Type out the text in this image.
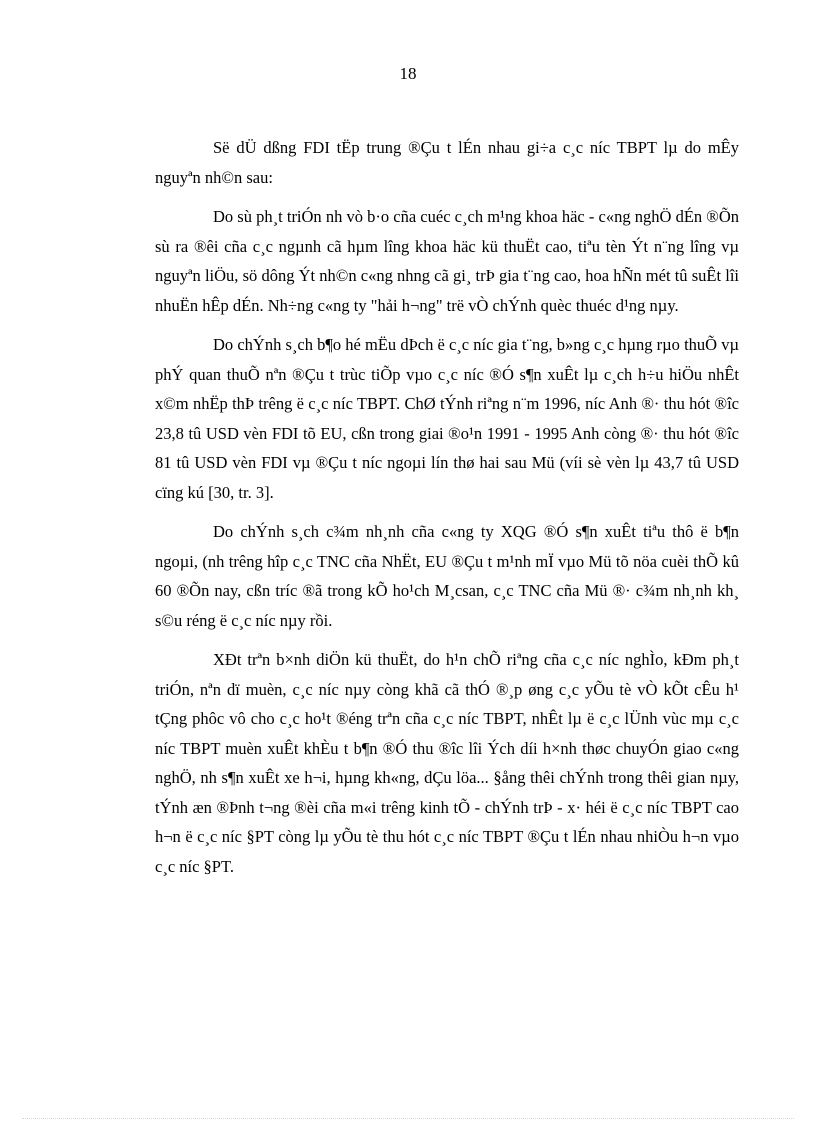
18

Së dÜ dßng FDI tËp trung ®Çu t lÉn nhau gi÷a c¸c níc TBPT lµ do mÊy nguyªn nh©n sau:

Do sù ph¸t triÓn nh vò b·o cña cuéc c¸ch m¹ng khoa häc - c«ng nghÖ dÉn ®Õn sù ra ®êi cña c¸c ngµnh cã hµm lîng khoa häc kü thuËt cao, tiªu tèn Ýt n¨ng lîng vµ nguyªn liÖu, sö dông Ýt nh©n c«ng nhng cã gi¸ trÞ gia t¨ng cao, hoa hÑn mét tû suÊt lîi nhuËn hÊp dÉn. Nh÷ng c«ng ty "hải h¬ng" trë vÒ chÝnh quèc thuéc d¹ng nµy.

Do chÝnh s¸ch b¶o hé mËu dÞch ë c¸c níc gia t¨ng, b»ng c¸c hµng rµo thuÕ vµ phÝ quan thuÕ nªn ®Çu t trùc tiÕp vµo c¸c níc ®Ó s¶n xuÊt lµ c¸ch h÷u hiÖu nhÊt x©m nhËp thÞ trêng ë c¸c níc TBPT. ChØ tÝnh riªng n¨m 1996, níc Anh ®· thu hót ®îc 23,8 tû USD vèn FDI tõ EU, cßn trong giai ®o¹n 1991 - 1995 Anh còng ®· thu hót ®îc 81 tû USD vèn FDI vµ ®Çu t níc ngoµi lín thø hai sau Mü (víi sè vèn lµ 43,7 tû USD cïng kú [30, tr. 3].

Do chÝnh s¸ch c¾m nh¸nh cña c«ng ty XQG ®Ó s¶n xuÊt tiªu thô ë b¶n ngoµi, (nh trêng hîp c¸c TNC cña NhËt, EU ®Çu t m¹nh mÏ vµo Mü tõ nöa cuèi thÕ kû 60 ®Õn nay, cßn tríc ®ã trong kÕ ho¹ch M¸csan, c¸c TNC cña Mü ®· c¾m nh¸nh kh¸ s©u réng ë c¸c níc nµy rồi.

XÐt trªn b×nh diÖn kü thuËt, do h¹n chÕ riªng cña c¸c níc nghÌo, kÐm ph¸t triÓn, nªn dï muèn, c¸c níc nµy còng khã cã thÓ ®¸p øng c¸c yÕu tè vÒ kÕt cÊu h¹ tÇng phôc vô cho c¸c ho¹t ®éng trªn cña c¸c níc TBPT, nhÊt lµ ë c¸c lÜnh vùc mµ c¸c níc TBPT muèn xuÊt khÈu t b¶n ®Ó thu ®îc lîi Ých díi h×nh thøc chuyÓn giao c«ng nghÖ, nh s¶n xuÊt xe h¬i, hµng kh«ng, dÇu löa... §ång thêi chÝnh trong thêi gian nµy, tÝnh æn ®Þnh t¬ng ®èi cña m«i trêng kinh tÕ - chÝnh trÞ - x· héi ë c¸c níc TBPT cao h¬n ë c¸c níc §PT còng lµ yÕu tè thu hót c¸c níc TBPT ®Çu t lÉn nhau nhiÒu h¬n vµo c¸c níc §PT.
